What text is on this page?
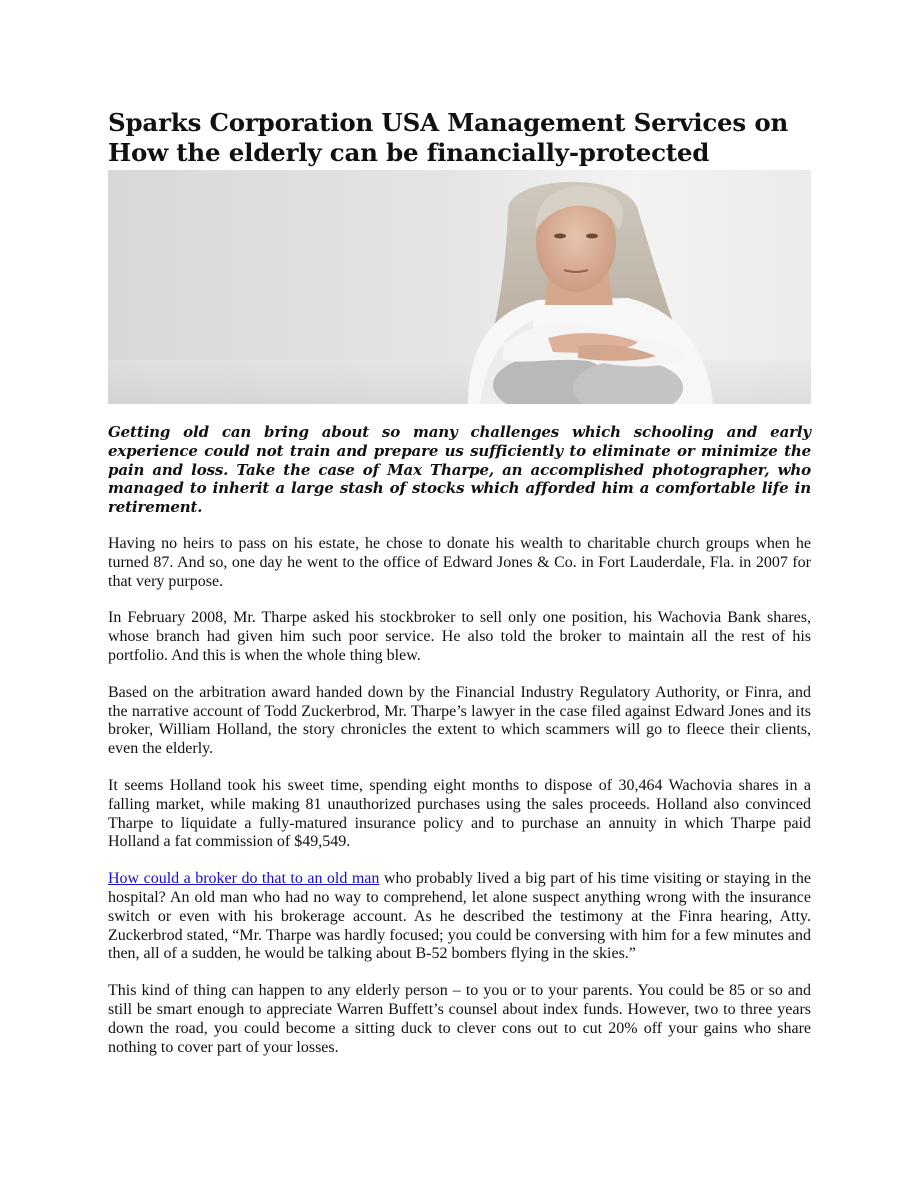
Sparks Corporation USA Management Services on How the elderly can be financially-protected

Getting old can bring about so many challenges which schooling and early experience could not train and prepare us sufficiently to eliminate or minimize the pain and loss. Take the case of Max Tharpe, an accomplished photographer, who managed to inherit a large stash of stocks which afforded him a comfortable life in retirement.

Having no heirs to pass on his estate, he chose to donate his wealth to charitable church groups when he turned 87. And so, one day he went to the office of Edward Jones & Co. in Fort Lauderdale, Fla. in 2007 for that very purpose.

In February 2008, Mr. Tharpe asked his stockbroker to sell only one position, his Wachovia Bank shares, whose branch had given him such poor service. He also told the broker to maintain all the rest of his portfolio. And this is when the whole thing blew.

Based on the arbitration award handed down by the Financial Industry Regulatory Authority, or Finra, and the narrative account of Todd Zuckerbrod, Mr. Tharpe’s lawyer in the case filed against Edward Jones and its broker, William Holland, the story chronicles the extent to which scammers will go to fleece their clients, even the elderly.

It seems Holland took his sweet time, spending eight months to dispose of 30,464 Wachovia shares in a falling market, while making 81 unauthorized purchases using the sales proceeds. Holland also convinced Tharpe to liquidate a fully-matured insurance policy and to purchase an annuity in which Tharpe paid Holland a fat commission of $49,549.

How could a broker do that to an old man who probably lived a big part of his time visiting or staying in the hospital? An old man who had no way to comprehend, let alone suspect anything wrong with the insurance switch or even with his brokerage account. As he described the testimony at the Finra hearing, Atty. Zuckerbrod stated, “Mr. Tharpe was hardly focused; you could be conversing with him for a few minutes and then, all of a sudden, he would be talking about B-52 bombers flying in the skies.”

This kind of thing can happen to any elderly person – to you or to your parents. You could be 85 or so and still be smart enough to appreciate Warren Buffett’s counsel about index funds. However, two to three years down the road, you could become a sitting duck to clever cons out to cut 20% off your gains who share nothing to cover part of your losses.
